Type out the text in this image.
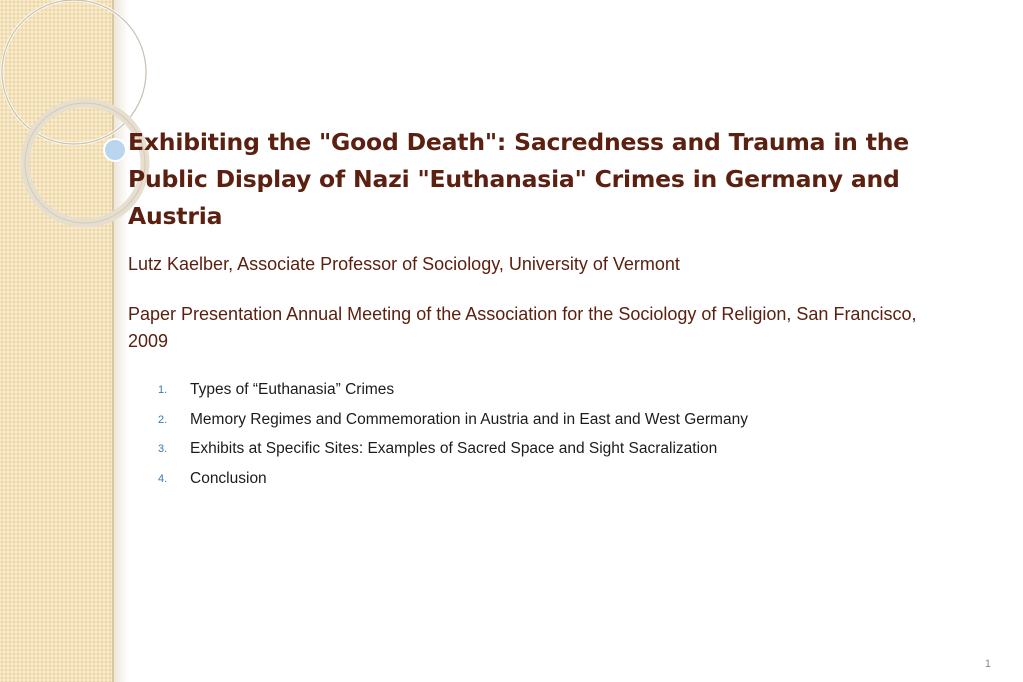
Exhibiting the "Good Death": Sacredness and Trauma in the Public Display of Nazi "Euthanasia" Crimes in Germany and Austria

Lutz Kaelber, Associate Professor of Sociology, University of Vermont

Paper Presentation Annual Meeting of the Association for the Sociology of Religion, San Francisco, 2009

1. Types of “Euthanasia” Crimes
2. Memory Regimes and Commemoration in Austria and in East and West Germany
3. Exhibits at Specific Sites: Examples of Sacred Space and Sight Sacralization
4. Conclusion
1
